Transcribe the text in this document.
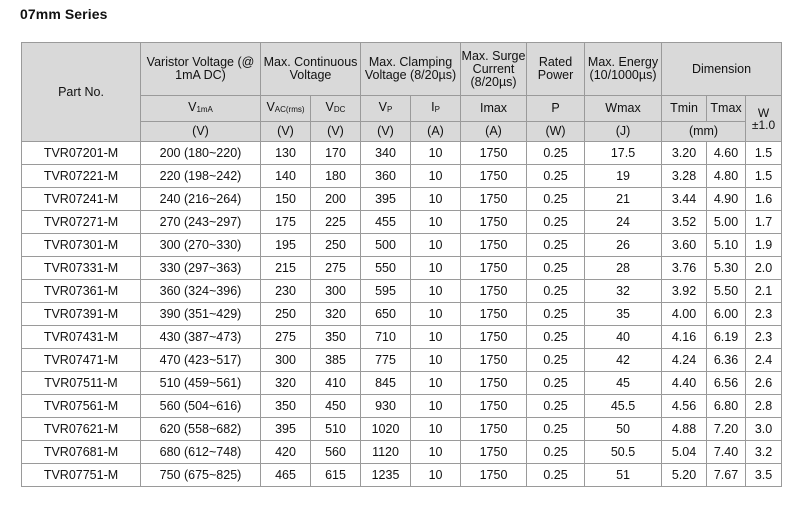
07mm Series
Part No.	Varistor Voltage (@ 1mA DC)	Max. Continuous Voltage		Max. Clamping Voltage (8/20µs)		Max. Surge Current (8/20µs)	Rated Power	Max. Energy (10/1000µs)	Dimension		
	V1mA	VAC(rms)	VDC	VP	IP	Imax	P	Wmax	Tmin	Tmax	W ±1.0
	(V)	(V)	(V)	(V)	(A)	(A)	(W)	(J)	(mm)		
TVR07201-M	200 (180~220)	130	170	340	10	1750	0.25	17.5	3.20	4.60	1.5
TVR07221-M	220 (198~242)	140	180	360	10	1750	0.25	19	3.28	4.80	1.5
TVR07241-M	240 (216~264)	150	200	395	10	1750	0.25	21	3.44	4.90	1.6
TVR07271-M	270 (243~297)	175	225	455	10	1750	0.25	24	3.52	5.00	1.7
TVR07301-M	300 (270~330)	195	250	500	10	1750	0.25	26	3.60	5.10	1.9
TVR07331-M	330 (297~363)	215	275	550	10	1750	0.25	28	3.76	5.30	2.0
TVR07361-M	360 (324~396)	230	300	595	10	1750	0.25	32	3.92	5.50	2.1
TVR07391-M	390 (351~429)	250	320	650	10	1750	0.25	35	4.00	6.00	2.3
TVR07431-M	430 (387~473)	275	350	710	10	1750	0.25	40	4.16	6.19	2.3
TVR07471-M	470 (423~517)	300	385	775	10	1750	0.25	42	4.24	6.36	2.4
TVR07511-M	510 (459~561)	320	410	845	10	1750	0.25	45	4.40	6.56	2.6
TVR07561-M	560 (504~616)	350	450	930	10	1750	0.25	45.5	4.56	6.80	2.8
TVR07621-M	620 (558~682)	395	510	1020	10	1750	0.25	50	4.88	7.20	3.0
TVR07681-M	680 (612~748)	420	560	1120	10	1750	0.25	50.5	5.04	7.40	3.2
TVR07751-M	750 (675~825)	465	615	1235	10	1750	0.25	51	5.20	7.67	3.5
